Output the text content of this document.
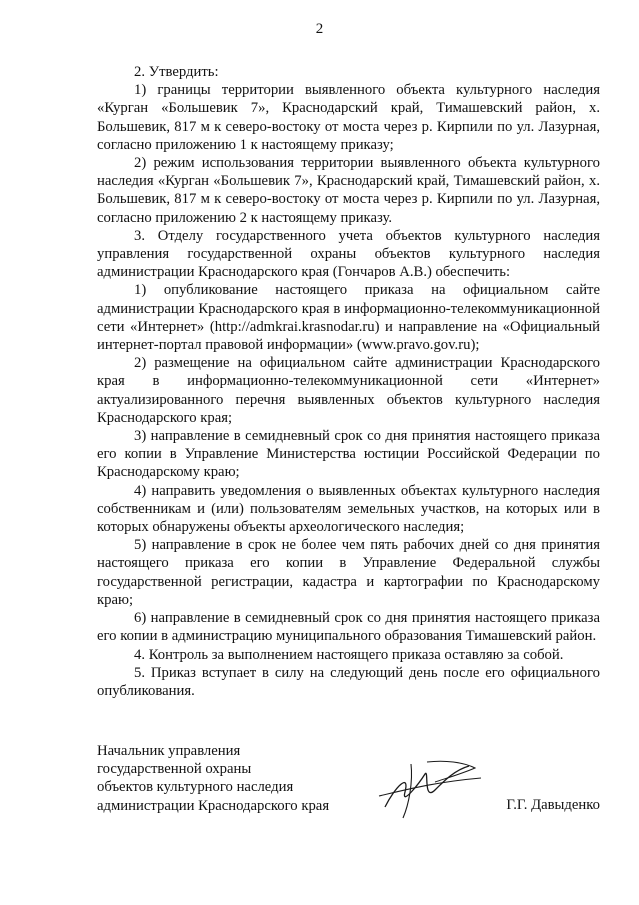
2

2. Утвердить:

1) границы территории выявленного объекта культурного наследия «Курган «Большевик 7», Краснодарский край, Тимашевский район, х. Большевик, 817 м к северо-востоку от моста через р. Кирпили по ул. Лазурная, согласно приложению 1 к настоящему приказу;

2) режим использования территории выявленного объекта культурного наследия «Курган «Большевик 7», Краснодарский край, Тимашевский район, х. Большевик, 817 м к северо-востоку от моста через р. Кирпили по ул. Лазурная, согласно приложению 2 к настоящему приказу.

3. Отделу государственного учета объектов культурного наследия управления государственной охраны объектов культурного наследия администрации Краснодарского края (Гончаров А.В.) обеспечить:

1) опубликование настоящего приказа на официальном сайте администрации Краснодарского края в информационно-телекоммуникационной сети «Интернет» (http://admkrai.krasnodar.ru) и направление на «Официальный интернет-портал правовой информации» (www.pravo.gov.ru);

2) размещение на официальном сайте администрации Краснодарского края в информационно-телекоммуникационной сети «Интернет» актуализированного перечня выявленных объектов культурного наследия Краснодарского края;

3) направление в семидневный срок со дня принятия настоящего приказа его копии в Управление Министерства юстиции Российской Федерации по Краснодарскому краю;

4) направить уведомления о выявленных объектах культурного наследия собственникам и (или) пользователям земельных участков, на которых или в которых обнаружены объекты археологического наследия;

5) направление в срок не более чем пять рабочих дней со дня принятия настоящего приказа его копии в Управление Федеральной службы государственной регистрации, кадастра и картографии по Краснодарскому краю;

6) направление в семидневный срок со дня принятия настоящего приказа его копии в администрацию муниципального образования Тимашевский район.

4. Контроль за выполнением настоящего приказа оставляю за собой.

5. Приказ вступает в силу на следующий день после его официального опубликования.

Начальник управления
государственной охраны
объектов культурного наследия
администрации Краснодарского края	Г.Г. Давыденко
